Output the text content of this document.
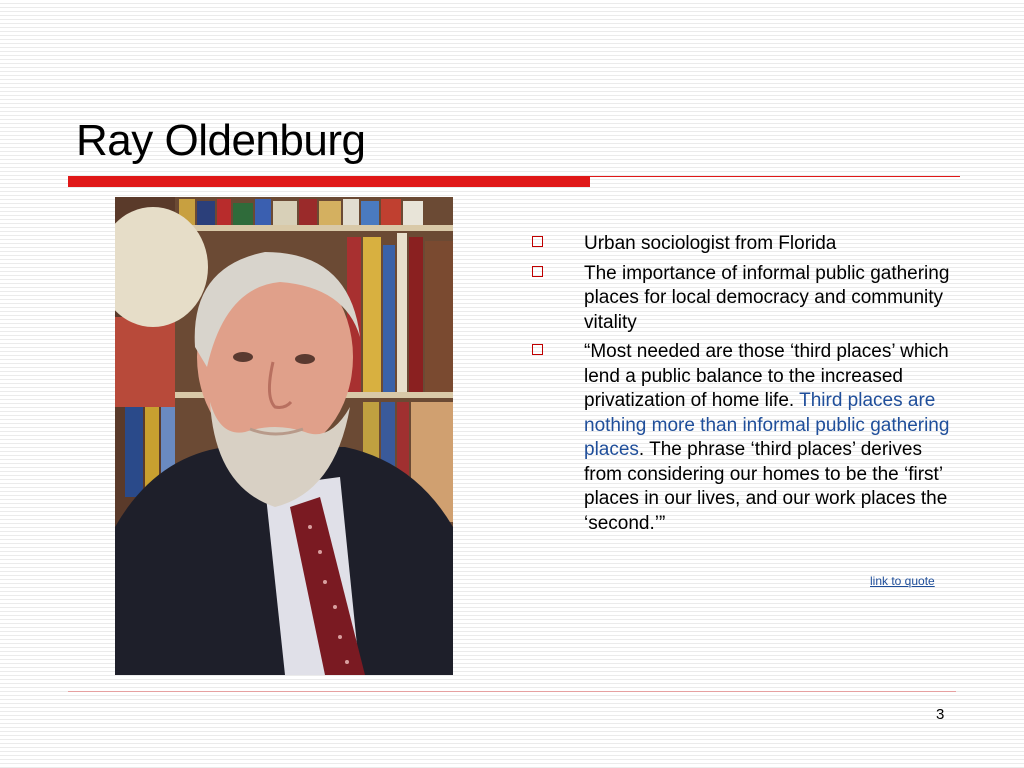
Ray Oldenburg
Urban sociologist from Florida
The importance of informal public gathering places for local democracy and community vitality
“Most needed are those ‘third places’ which lend a public balance to the increased privatization of home life. Third places are nothing more than informal public gathering places. The phrase ‘third places’ derives from considering our homes to be the ‘first’ places in our lives, and our work places the ‘second.’”
link to quote
3
